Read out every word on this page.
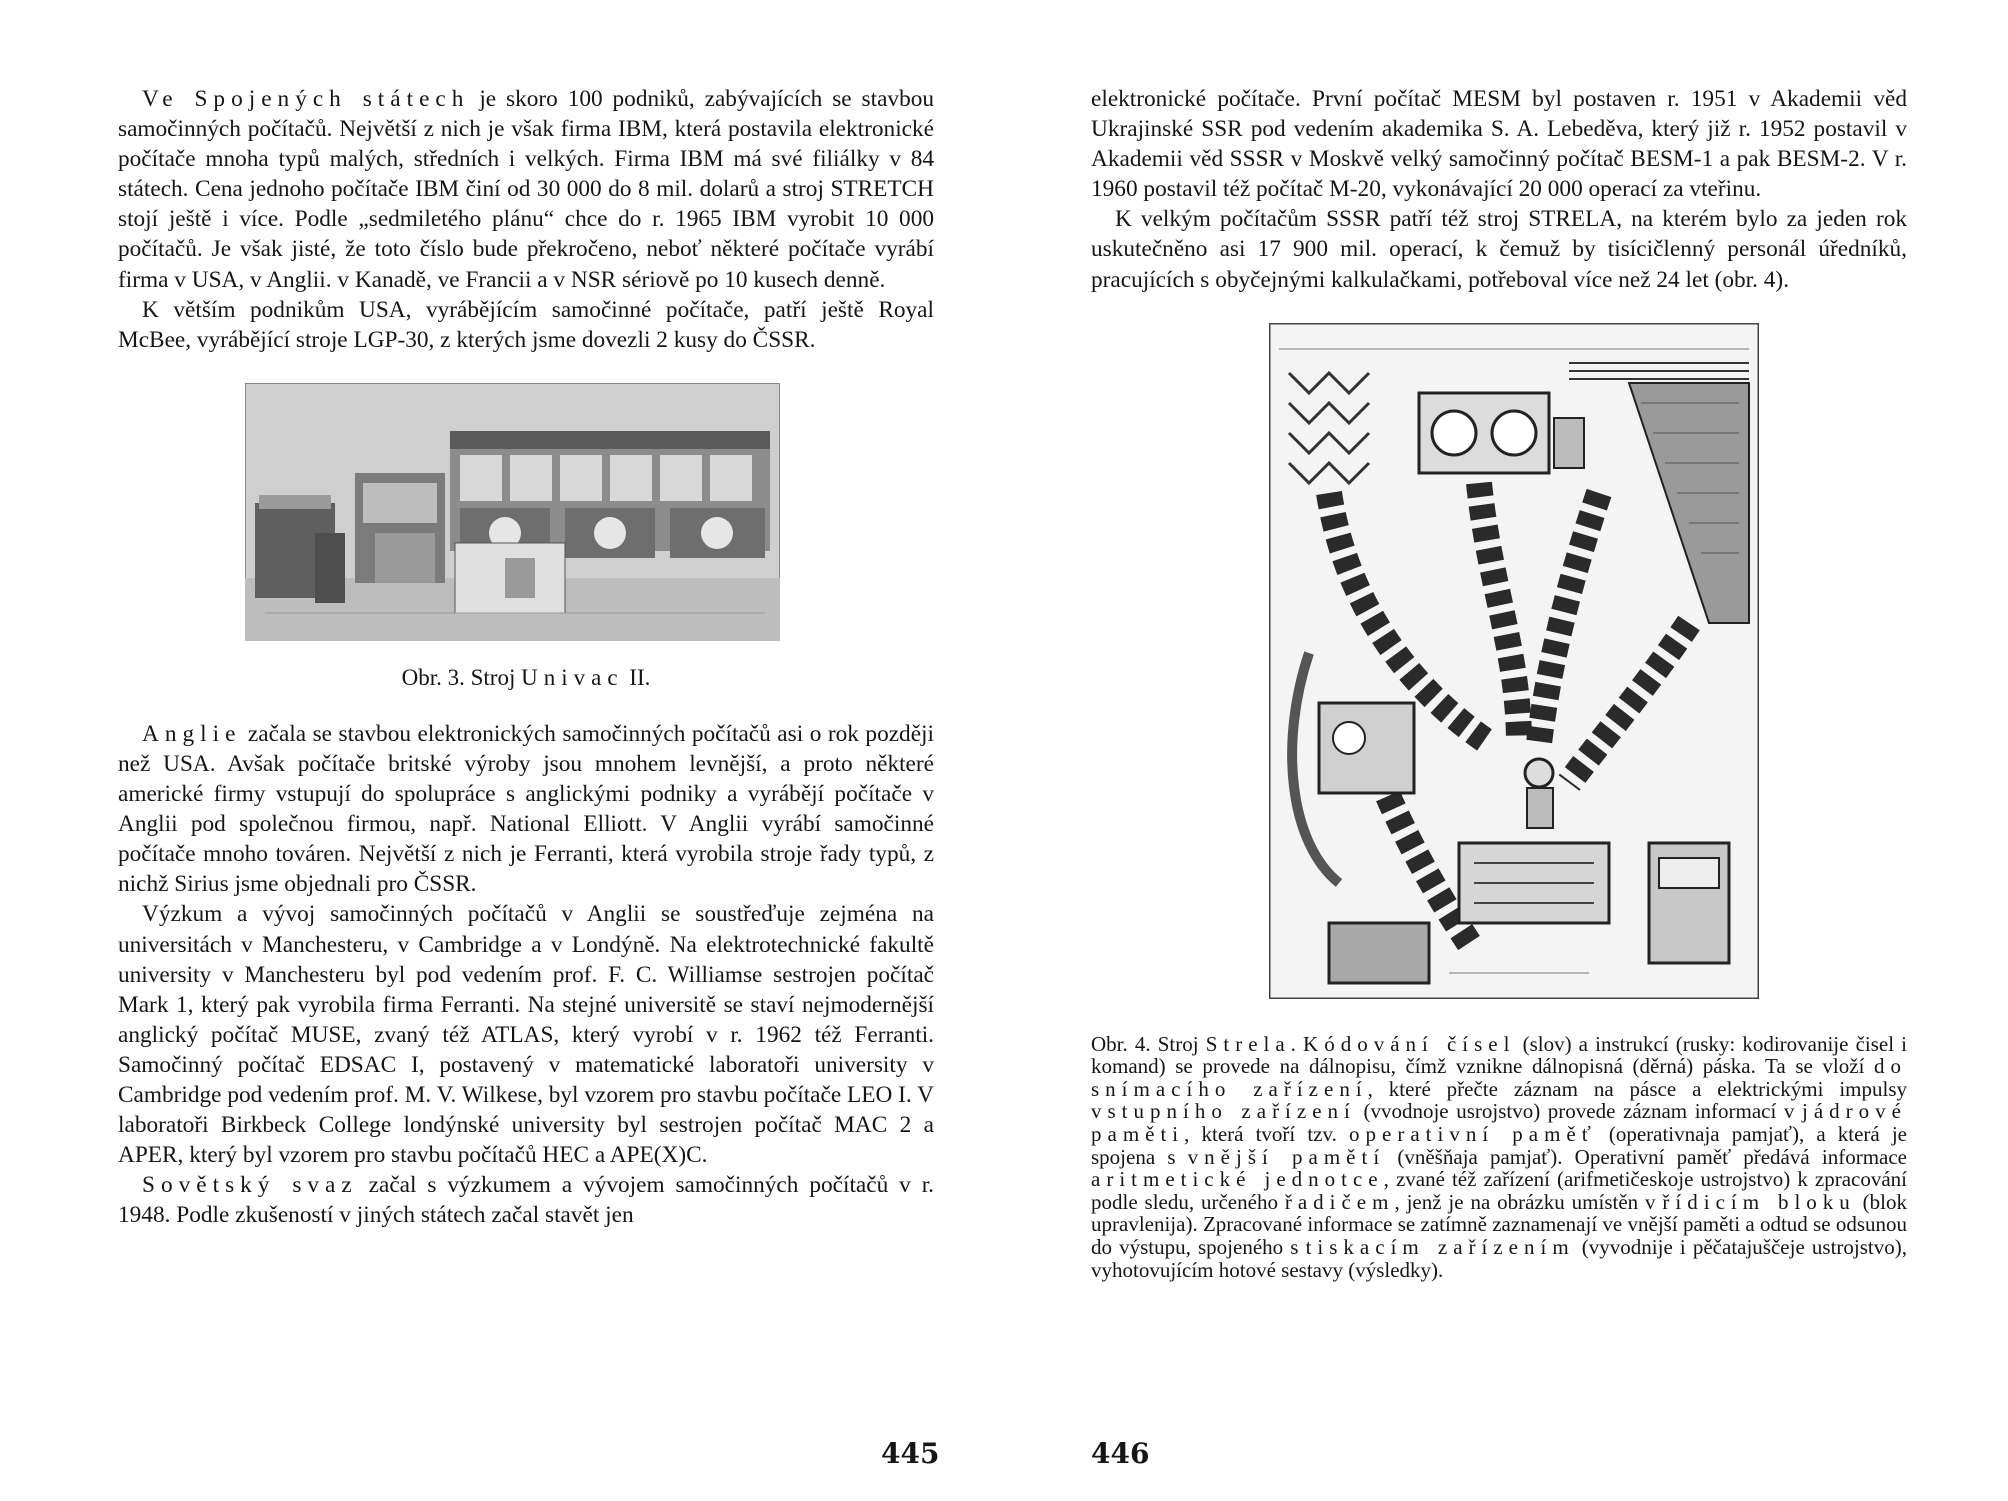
Ve Spojených státech je skoro 100 podniků, zabývajících se stavbou samočinných počítačů. Největší z nich je však firma IBM, která postavila elektronické počítače mnoha typů malých, středních i velkých. Firma IBM má své filiálky v 84 státech. Cena jednoho počítače IBM činí od 30 000 do 8 mil. dolarů a stroj STRETCH stojí ještě i více. Podle „sedmiletého plánu“ chce do r. 1965 IBM vyrobit 10 000 počítačů. Je však jisté, že toto číslo bude překročeno, neboť některé počítače vyrábí firma v USA, v Anglii. v Kanadě, ve Francii a v NSR sériově po 10 kusech denně.

K větším podnikům USA, vyrábějícím samočinné počítače, patří ještě Royal McBee, vyrábějící stroje LGP-30, z kterých jsme dovezli 2 kusy do ČSSR.

Obr. 3. Stroj Univac II.

Anglie začala se stavbou elektronických samočinných počítačů asi o rok později než USA. Avšak počítače britské výroby jsou mnohem levnější, a proto některé americké firmy vstupují do spolupráce s anglickými podniky a vyrábějí počítače v Anglii pod společnou firmou, např. National Elliott. V Anglii vyrábí samočinné počítače mnoho továren. Největší z nich je Ferranti, která vyrobila stroje řady typů, z nichž Sirius jsme objednali pro ČSSR.

Výzkum a vývoj samočinných počítačů v Anglii se soustřeďuje zejména na universitách v Manchesteru, v Cambridge a v Londýně. Na elektrotechnické fakultě university v Manchesteru byl pod vedením prof. F. C. Williamse sestrojen počítač Mark 1, který pak vyrobila firma Ferranti. Na stejné universitě se staví nejmodernější anglický počítač MUSE, zvaný též ATLAS, který vyrobí v r. 1962 též Ferranti. Samočinný počítač EDSAC I, postavený v matematické laboratoři university v Cambridge pod vedením prof. M. V. Wilkese, byl vzorem pro stavbu počítače LEO I. V laboratoři Birkbeck College londýnské university byl sestrojen počítač MAC 2 a APER, který byl vzorem pro stavbu počítačů HEC a APE(X)C.

Sovětský svaz začal s výzkumem a vývojem samočinných počítačů v r. 1948. Podle zkušeností v jiných státech začal stavět jen

445

elektronické počítače. První počítač MESM byl postaven r. 1951 v Akademii věd Ukrajinské SSR pod vedením akademika S. A. Lebeděva, který již r. 1952 postavil v Akademii věd SSSR v Moskvě velký samočinný počítač BESM-1 a pak BESM-2. V r. 1960 postavil též počítač M-20, vykonávající 20 000 operací za vteřinu.

K velkým počítačům SSSR patří též stroj STRELA, na kterém bylo za jeden rok uskutečněno asi 17 900 mil. operací, k čemuž by tisícičlenný personál úředníků, pracujících s obyčejnými kalkulačkami, potřeboval více než 24 let (obr. 4).

Obr. 4. Stroj Strela. Kódování čísel (slov) a instrukcí (rusky: kodirovanije čisel i komand) se provede na dálnopisu, čímž vznikne dálnopisná (děrná) páska. Ta se vloží do snímacího zařízení, které přečte záznam na pásce a elektrickými impulsy vstupního zařízení (vvodnoje usrojstvo) provede záznam informací v jádrové paměti, která tvoří tzv. operativní paměť (operativnaja pamjať), a která je spojena s vnější pamětí (vněšňaja pamjať). Operativní paměť předává informace aritmetické jednotce, zvané též zařízení (arifmetičeskoje ustrojstvo) k zpracování podle sledu, určeného řadičem, jenž je na obrázku umístěn v řídicím bloku (blok upravlenija). Zpracované informace se zatímně zaznamenají ve vnější paměti a odtud se odsunou do výstupu, spojeného s tiskacím zařízením (vyvodnije i pěčatajuščeje ustrojstvo), vyhotovujícím hotové sestavy (výsledky).

446
